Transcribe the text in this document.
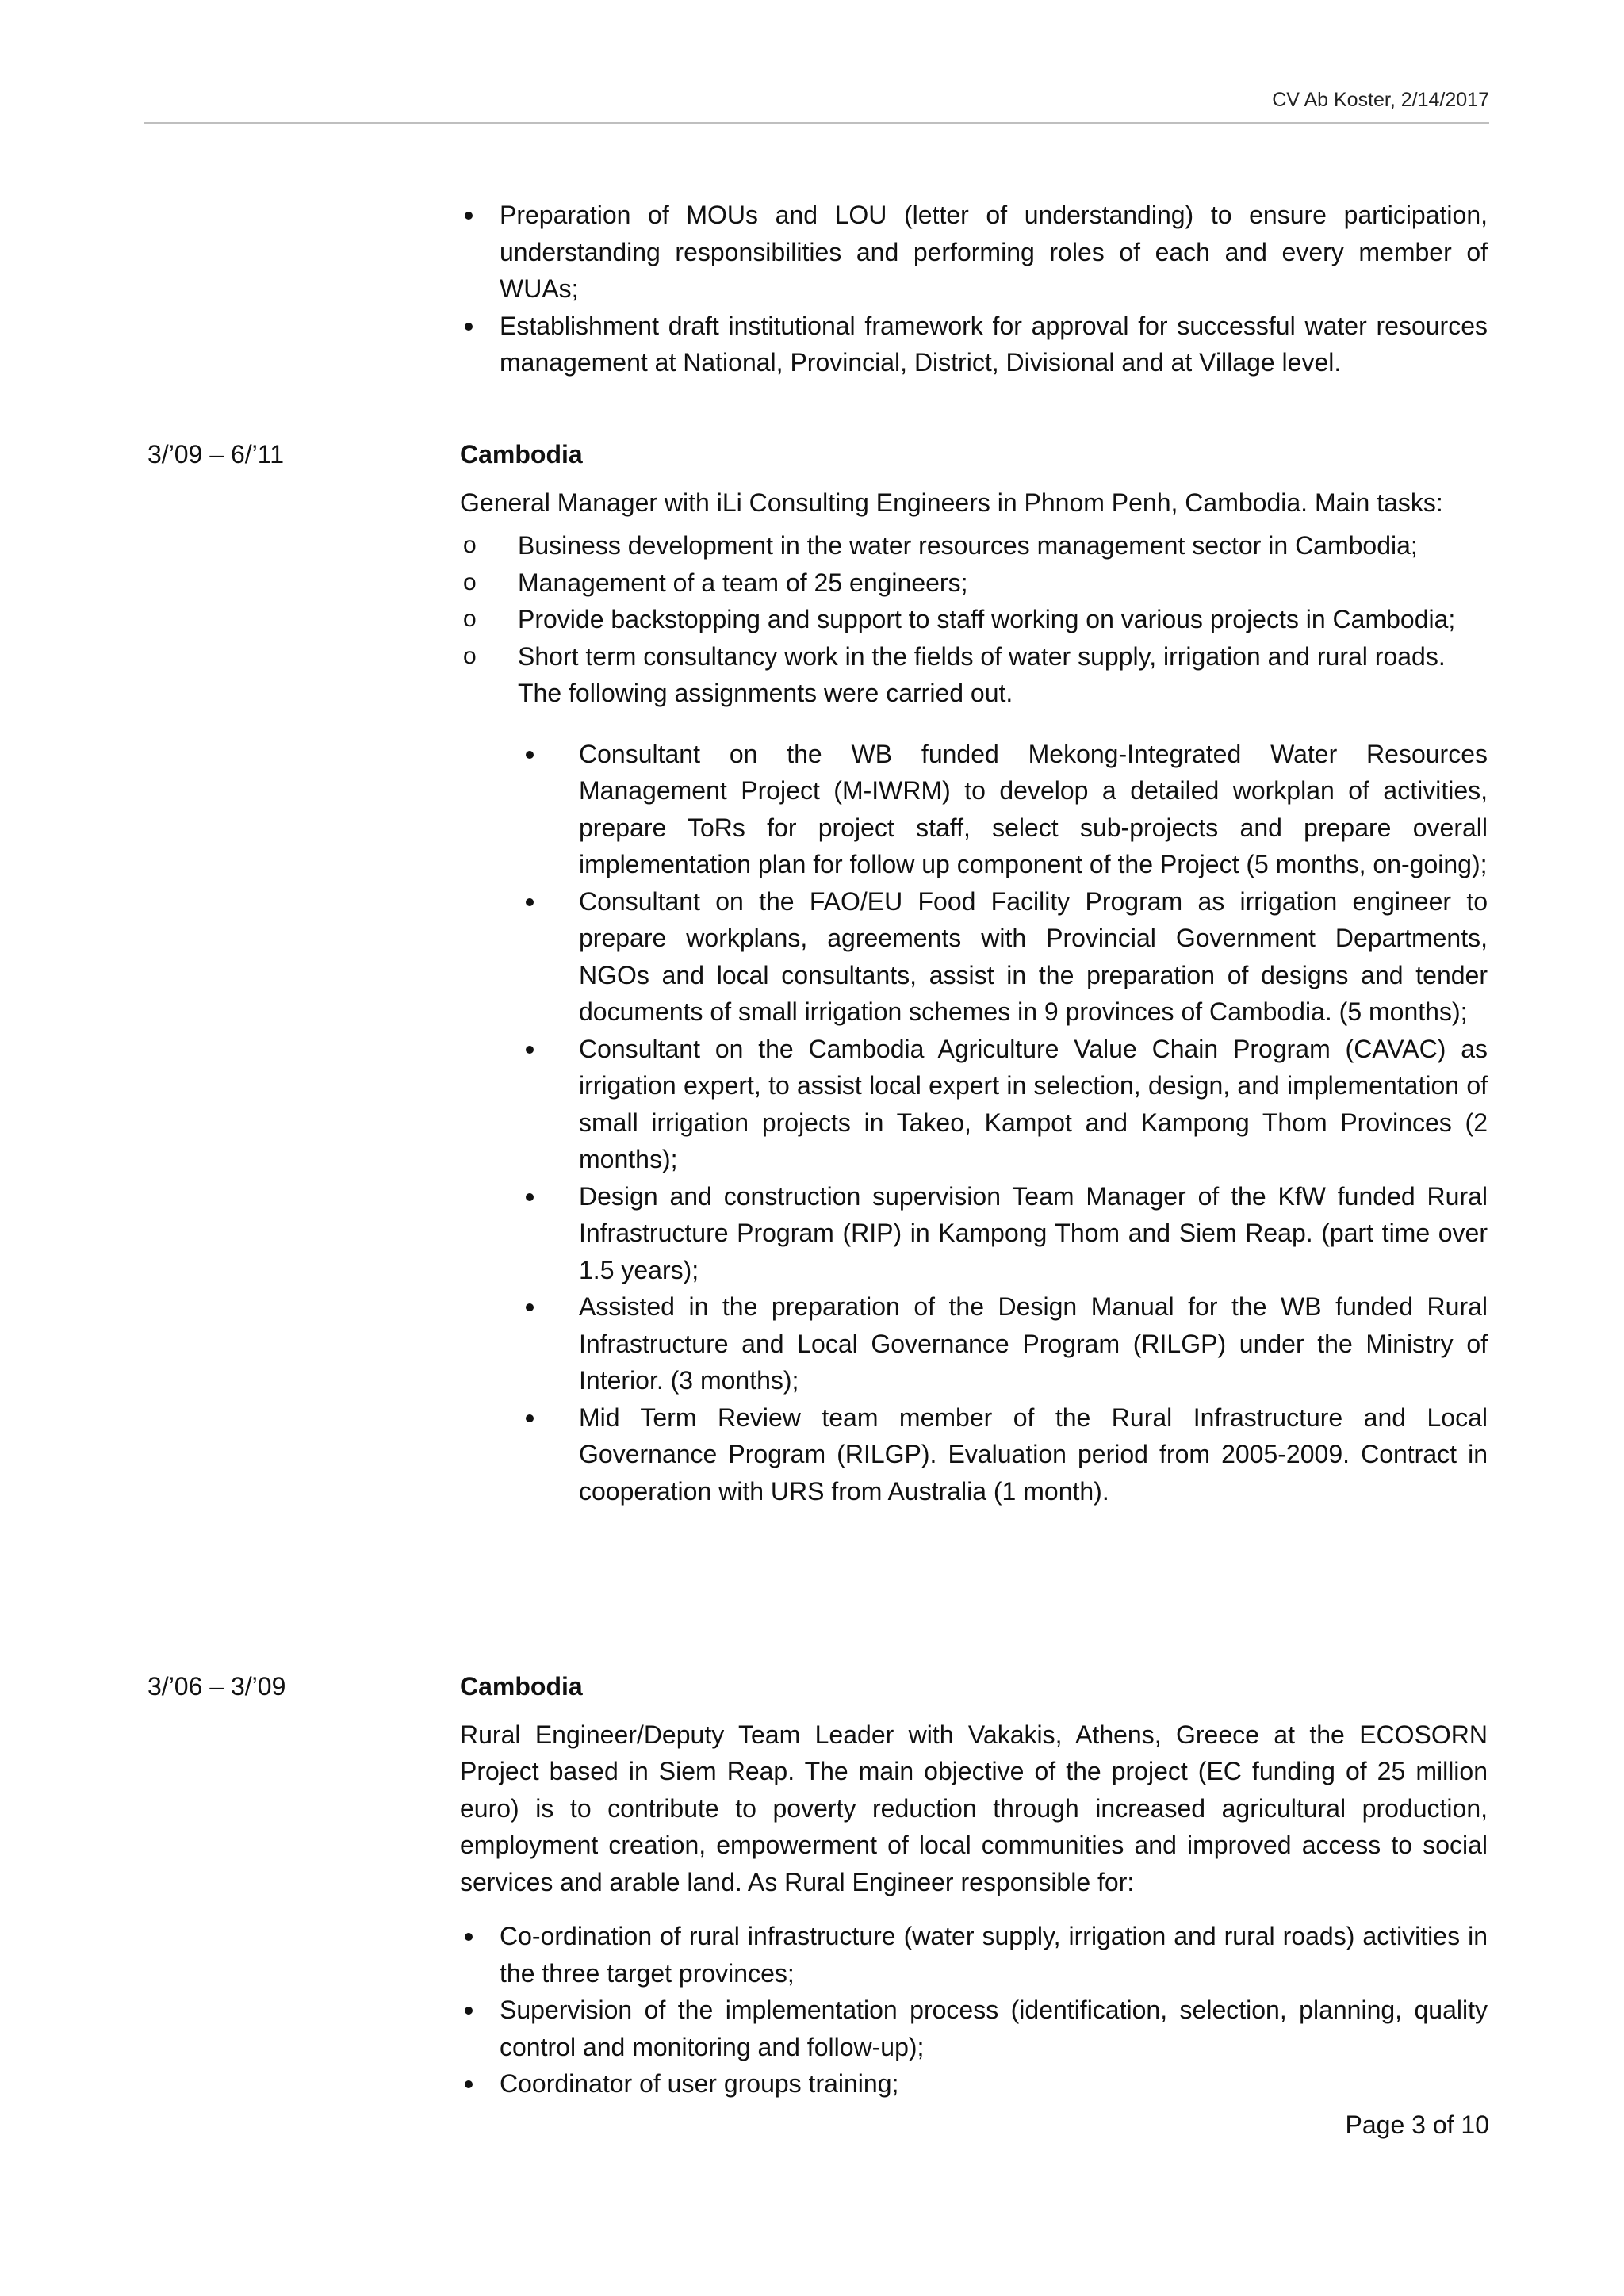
CV Ab Koster, 2/14/2017
Preparation of MOUs and LOU (letter of understanding) to ensure participation, understanding responsibilities and performing roles of each and every member of WUAs;
Establishment draft institutional framework for approval for successful water resources management at National, Provincial, District, Divisional and at Village level.
3/’09 – 6/’11	Cambodia
General Manager with iLi Consulting Engineers in Phnom Penh, Cambodia. Main tasks:
o Business development in the water resources management sector in Cambodia;
o Management of a team of 25 engineers;
o Provide backstopping and support to staff working on various projects in Cambodia;
o Short term consultancy work in the fields of water supply, irrigation and rural roads. The following assignments were carried out.
Consultant on the WB funded Mekong-Integrated Water Resources Management Project (M-IWRM) to develop a detailed workplan of activities, prepare ToRs for project staff, select sub-projects and prepare overall implementation plan for follow up component of the Project (5 months, on-going);
Consultant on the FAO/EU Food Facility Program as irrigation engineer to prepare workplans, agreements with Provincial Government Departments, NGOs and local consultants, assist in the preparation of designs and tender documents of small irrigation schemes in 9 provinces of Cambodia. (5 months);
Consultant on the Cambodia Agriculture Value Chain Program (CAVAC) as irrigation expert, to assist local expert in selection, design, and implementation of small irrigation projects in Takeo, Kampot and Kampong Thom Provinces (2 months);
Design and construction supervision Team Manager of the KfW funded Rural Infrastructure Program (RIP) in Kampong Thom and Siem Reap. (part time over 1.5 years);
Assisted in the preparation of the Design Manual for the WB funded Rural Infrastructure and Local Governance Program (RILGP) under the Ministry of Interior. (3 months);
Mid Term Review team member of the Rural Infrastructure and Local Governance Program (RILGP). Evaluation period from 2005-2009. Contract in cooperation with URS from Australia (1 month).
3/’06 – 3/’09	Cambodia
Rural Engineer/Deputy Team Leader with Vakakis, Athens, Greece at the ECOSORN Project based in Siem Reap. The main objective of the project (EC funding of 25 million euro) is to contribute to poverty reduction through increased agricultural production, employment creation, empowerment of local communities and improved access to social services and arable land. As Rural Engineer responsible for:
Co-ordination of rural infrastructure (water supply, irrigation and rural roads) activities in the three target provinces;
Supervision of the implementation process (identification, selection, planning, quality control and monitoring and follow-up);
Coordinator of user groups training;
Page 3 of 10
